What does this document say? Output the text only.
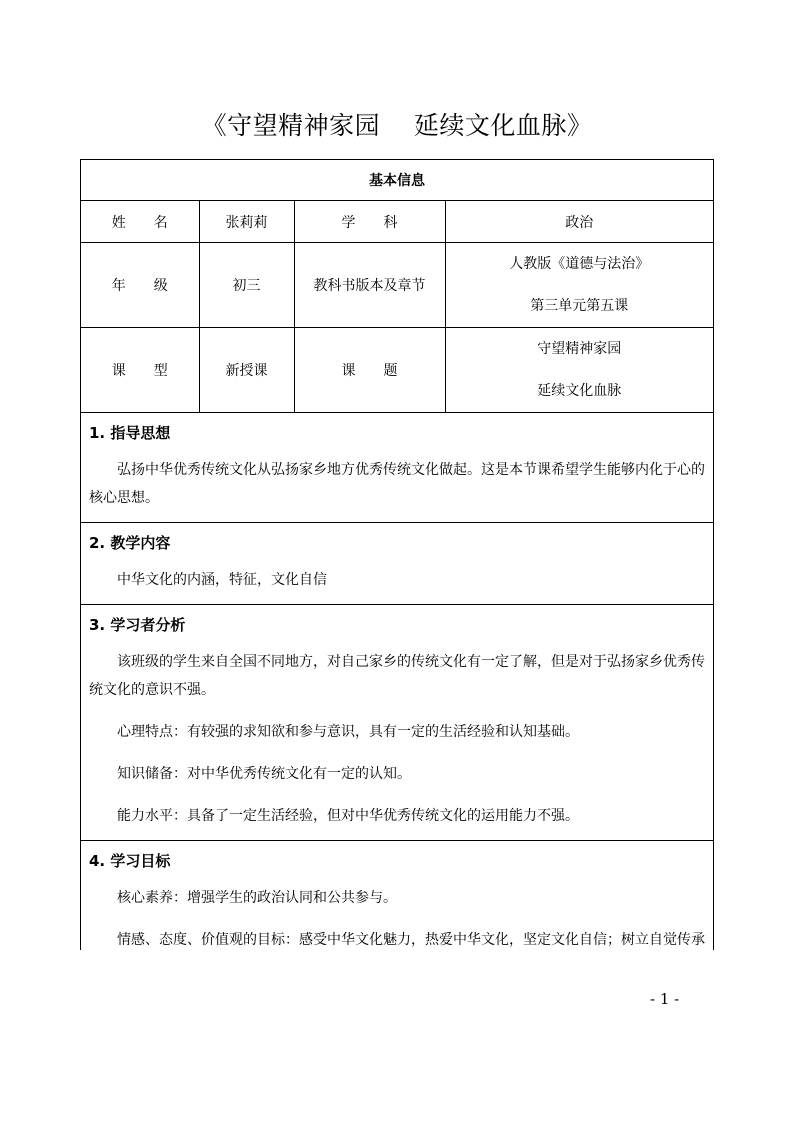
《守望精神家园 延续文化血脉》
基本信息			
姓　　名	张莉莉	学　　科	政治
年　　级	初三	教科书版本及章节	人教版《道德与法治》
第三单元第五课

课　　型	新授课	课　　题	守望精神家园
延续文化血脉
1. 指导思想

弘扬中华优秀传统文化从弘扬家乡地方优秀传统文化做起。这是本节课希望学生能够内化于心的核心思想。

2. 教学内容

中华文化的内涵，特征，文化自信

3. 学习者分析

该班级的学生来自全国不同地方，对自己家乡的传统文化有一定了解，但是对于弘扬家乡优秀传统文化的意识不强。

心理特点：有较强的求知欲和参与意识，具有一定的生活经验和认知基础。

知识储备：对中华优秀传统文化有一定的认知。

能力水平：具备了一定生活经验，但对中华优秀传统文化的运用能力不强。

4. 学习目标

核心素养：增强学生的政治认同和公共参与。

情感、态度、价值观的目标：感受中华文化魅力，热爱中华文化，坚定文化自信；树立自觉传承

- 1 -
